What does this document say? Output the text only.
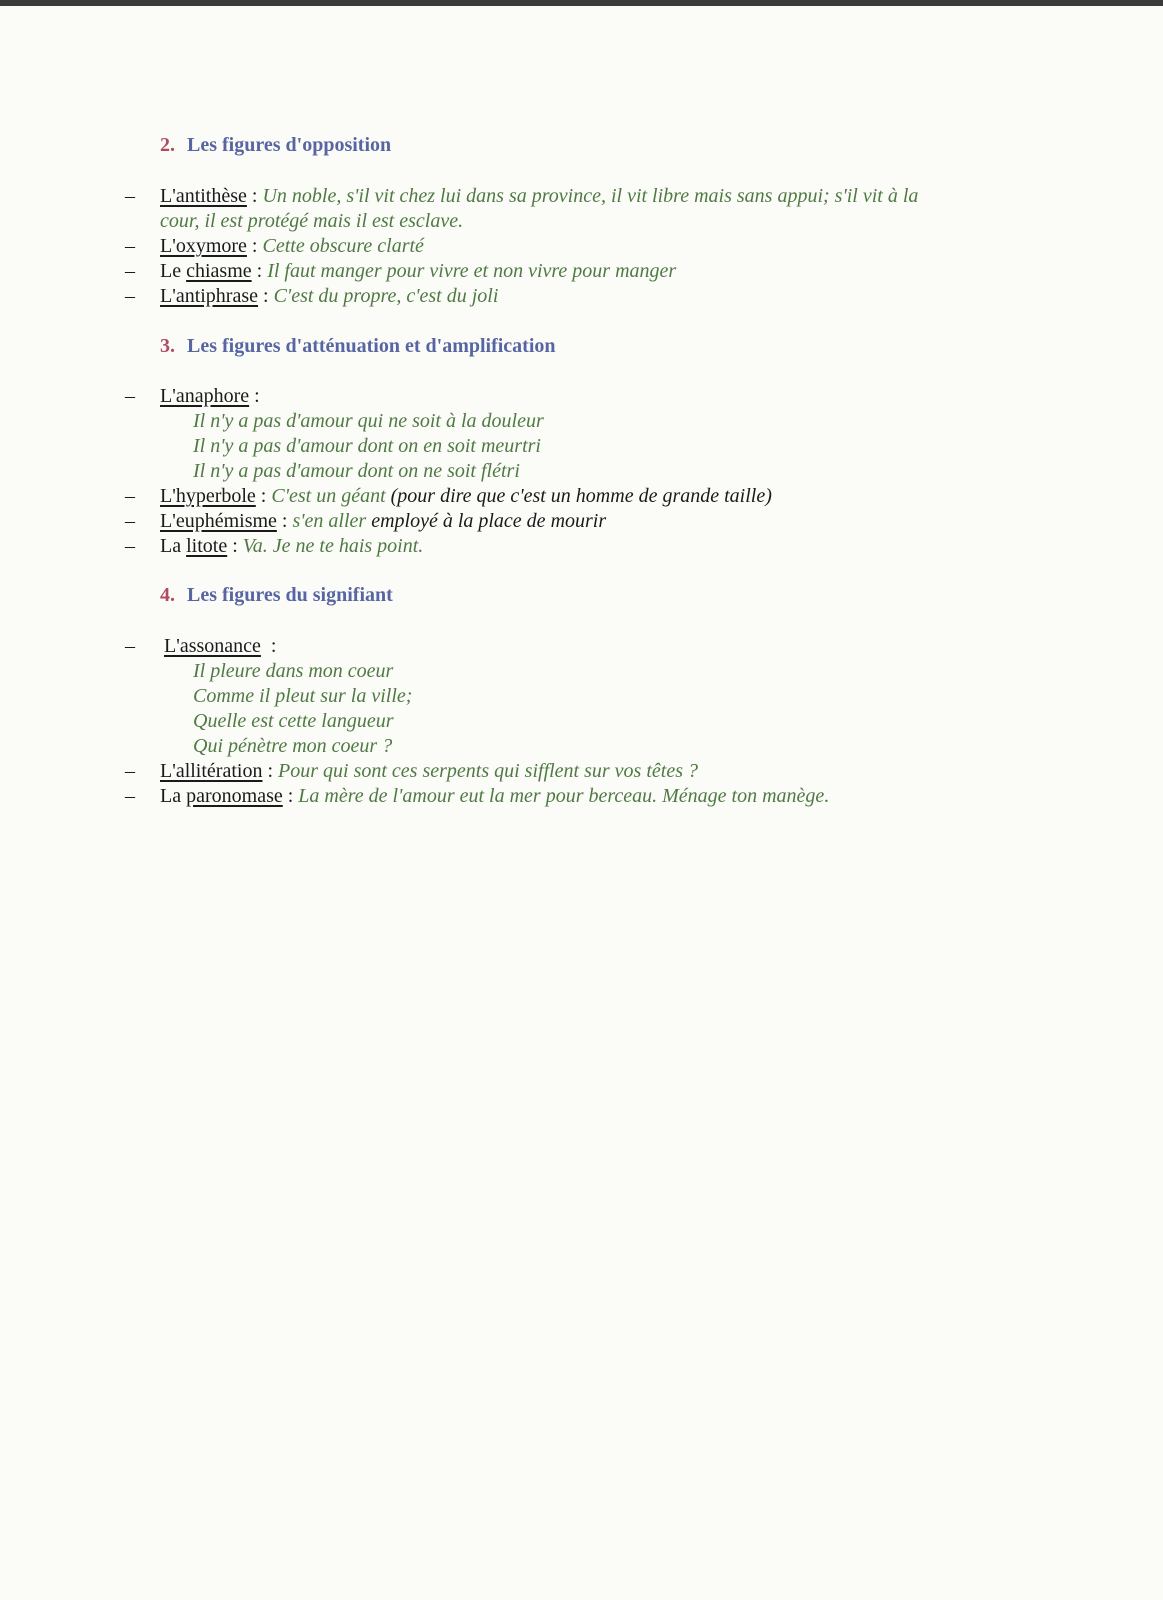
2. Les figures d'opposition
– L'antithèse : Un noble, s'il vit chez lui dans sa province, il vit libre mais sans appui; s'il vit à la
cour, il est protégé mais il est esclave.
– L'oxymore : Cette obscure clarté
– Le chiasme : Il faut manger pour vivre et non vivre pour manger
– L'antiphrase : C'est du propre, c'est du joli
3. Les figures d'atténuation et d'amplification
– L'anaphore :
Il n'y a pas d'amour qui ne soit à la douleur
Il n'y a pas d'amour dont on en soit meurtri
Il n'y a pas d'amour dont on ne soit flétri
– L'hyperbole : C'est un géant (pour dire que c'est un homme de grande taille)
– L'euphémisme : s'en aller employé à la place de mourir
– La litote : Va. Je ne te hais point.
4. Les figures du signifiant
– L'assonance  :
Il pleure dans mon coeur
Comme il pleut sur la ville;
Quelle est cette langueur
Qui pénètre mon coeur ?
– L'allitération : Pour qui sont ces serpents qui sifflent sur vos têtes ?
– La paronomase : La mère de l'amour eut la mer pour berceau. Ménage ton manège.
